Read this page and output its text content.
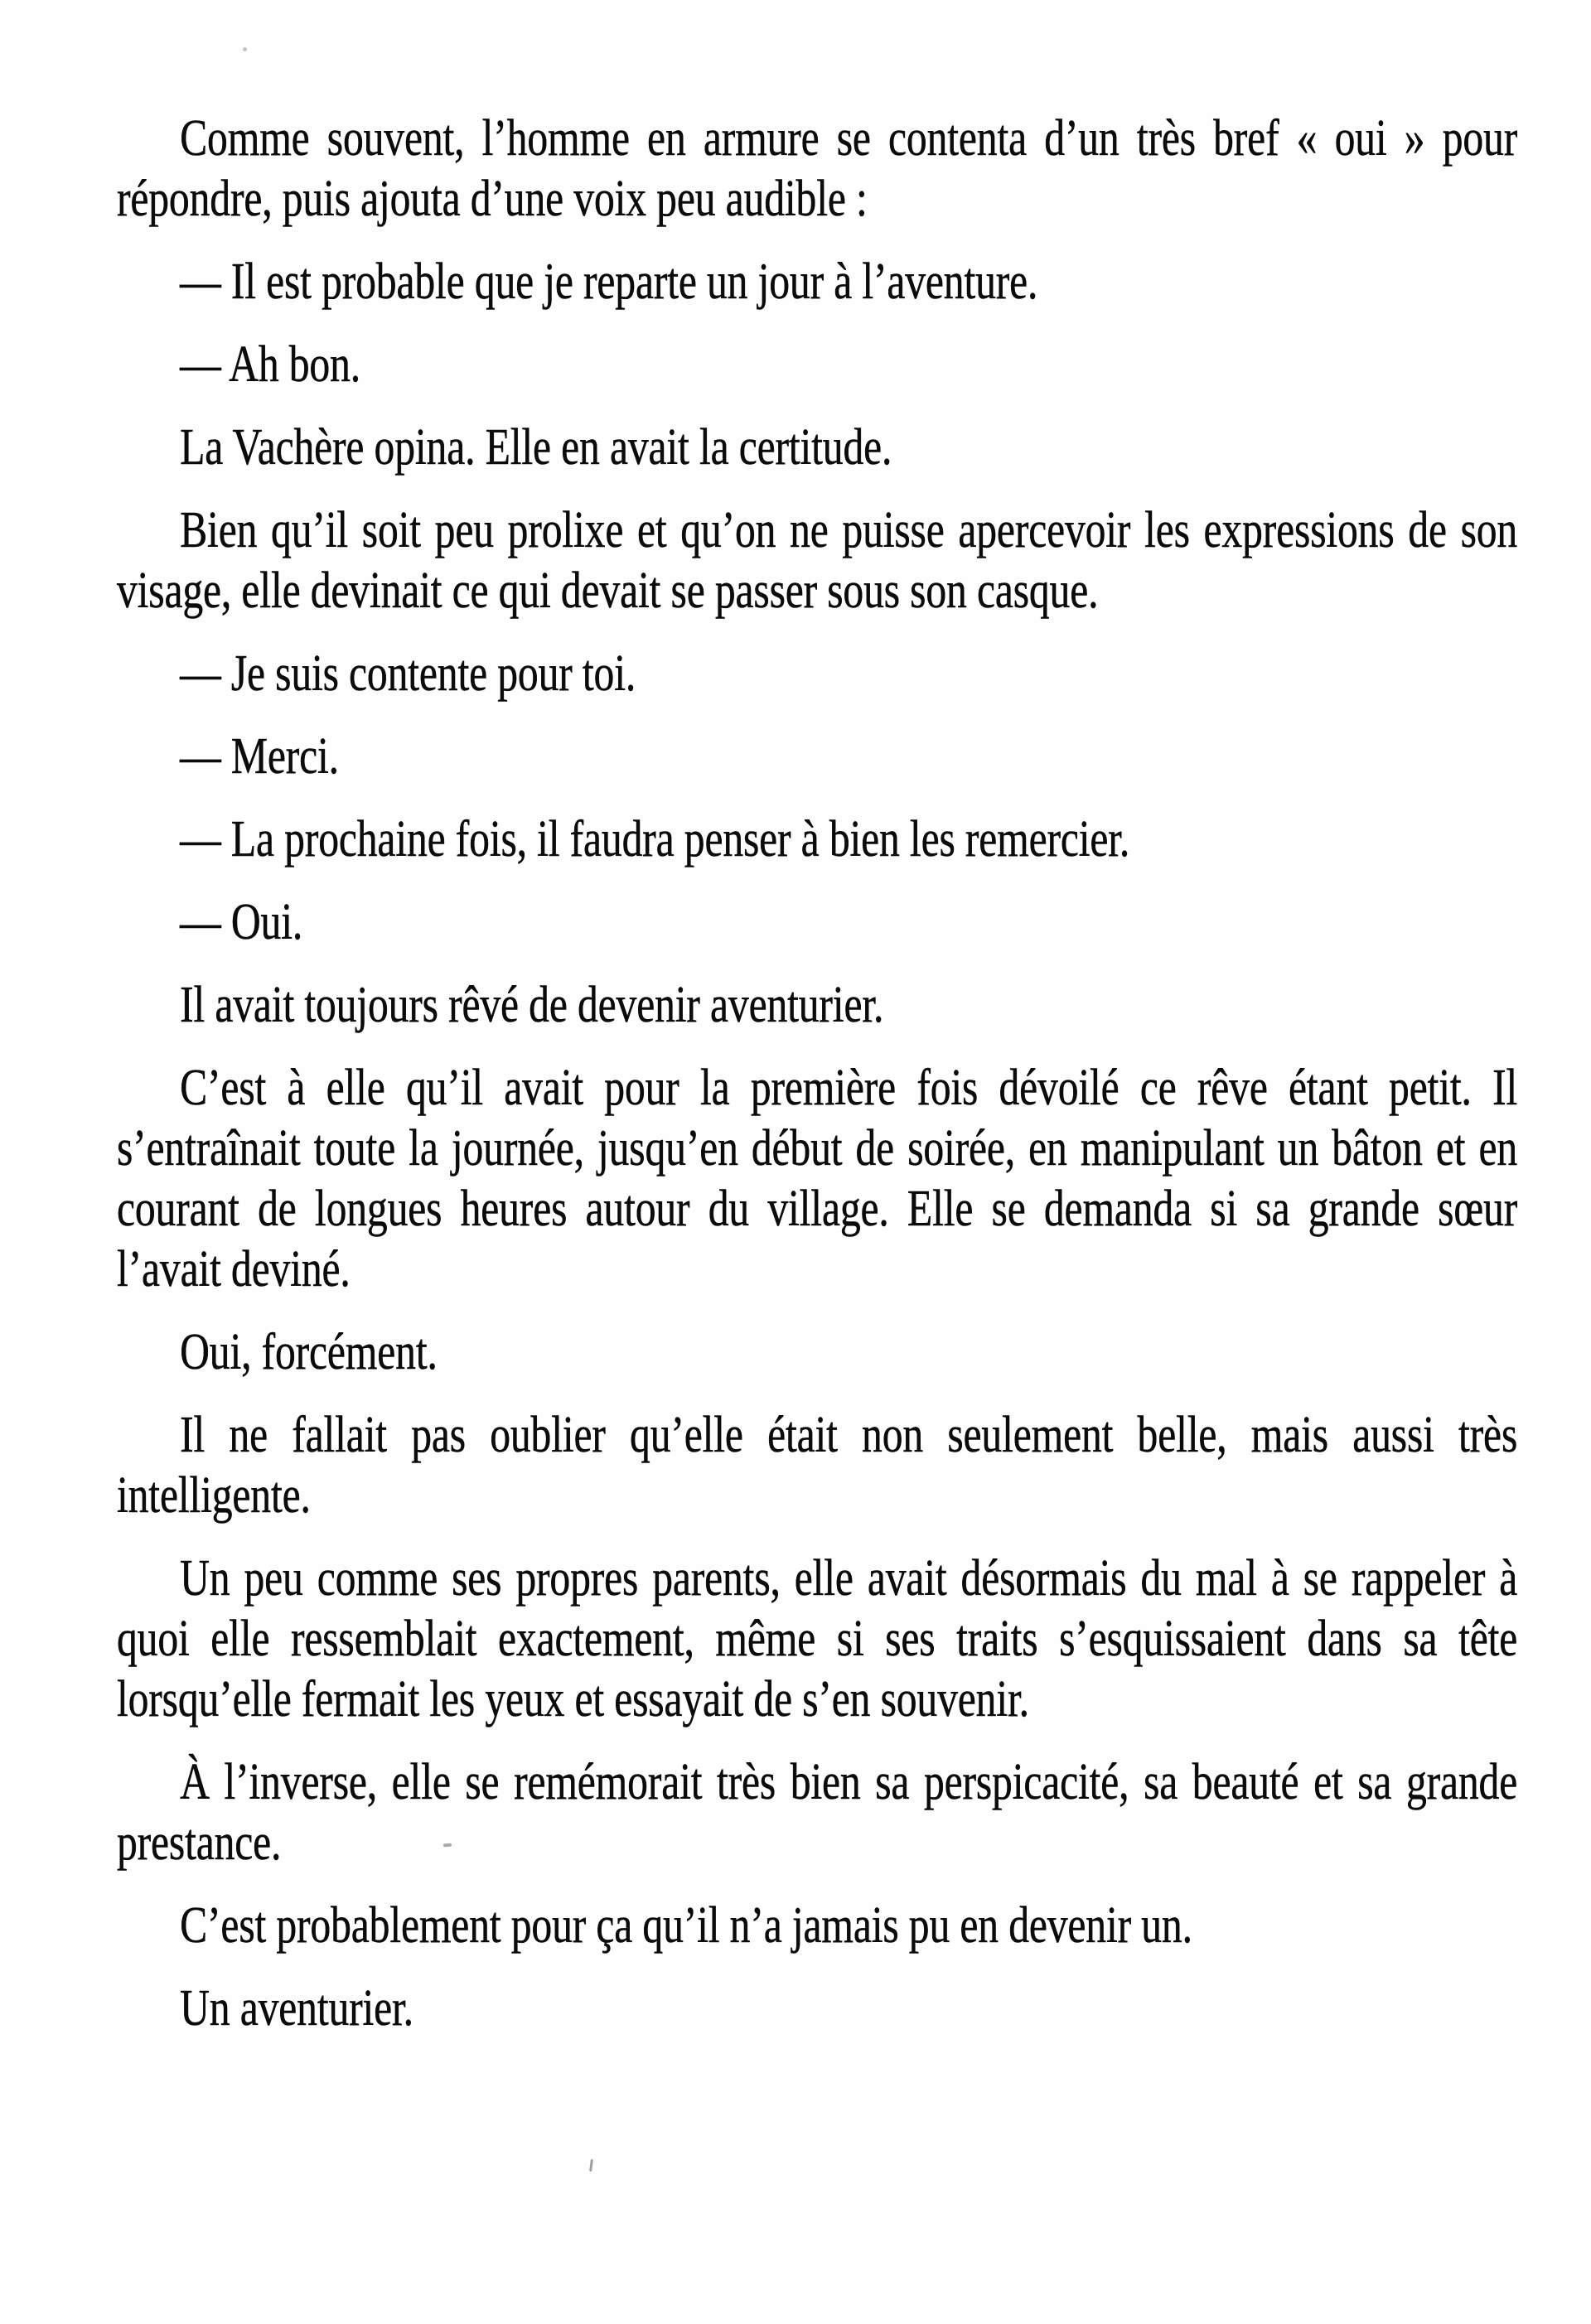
Comme souvent, l’homme en armure se contenta d’un très bref « oui » pour répondre, puis ajouta d’une voix peu audible :

— Il est probable que je reparte un jour à l’aventure.

— Ah bon.

La Vachère opina. Elle en avait la certitude.

Bien qu’il soit peu prolixe et qu’on ne puisse apercevoir les expressions de son visage, elle devinait ce qui devait se passer sous son casque.

— Je suis contente pour toi.

— Merci.

— La prochaine fois, il faudra penser à bien les remercier.

— Oui.

Il avait toujours rêvé de devenir aventurier.

C’est à elle qu’il avait pour la première fois dévoilé ce rêve étant petit. Il s’entraînait toute la journée, jusqu’en début de soirée, en manipulant un bâton et en courant de longues heures autour du village. Elle se demanda si sa grande sœur l’avait deviné.

Oui, forcément.

Il ne fallait pas oublier qu’elle était non seulement belle, mais aussi très intelligente.

Un peu comme ses propres parents, elle avait désormais du mal à se rappeler à quoi elle ressemblait exactement, même si ses traits s’esquissaient dans sa tête lorsqu’elle fermait les yeux et essayait de s’en souvenir.

À l’inverse, elle se remémorait très bien sa perspicacité, sa beauté et sa grande prestance.

C’est probablement pour ça qu’il n’a jamais pu en devenir un.

Un aventurier.
